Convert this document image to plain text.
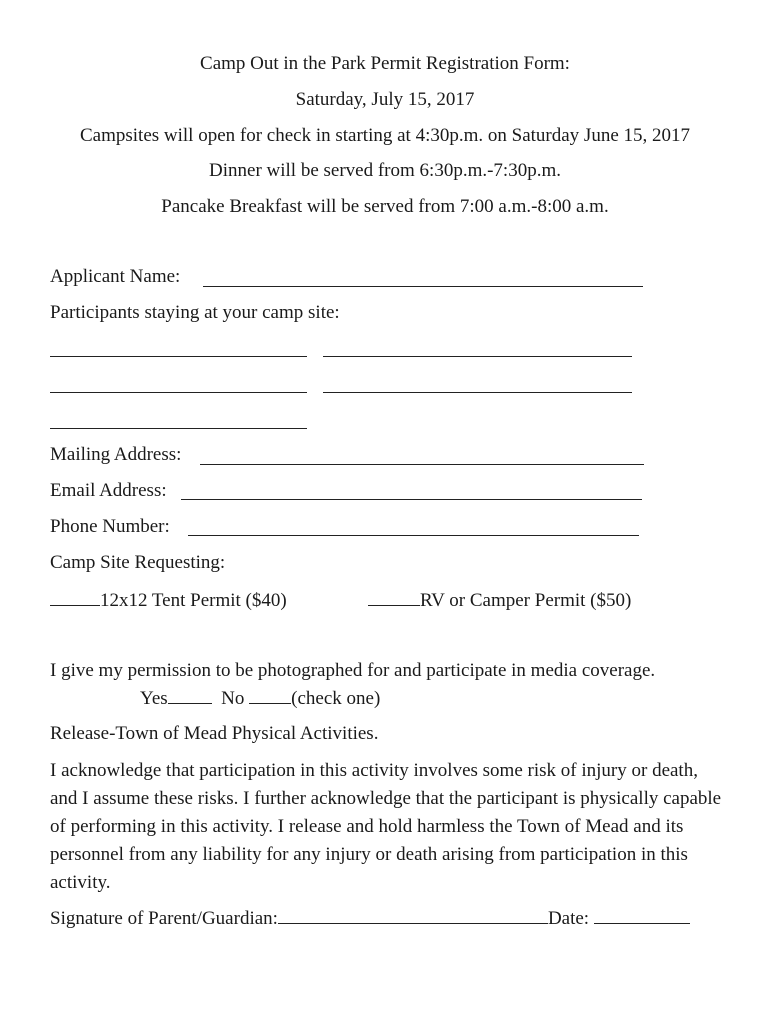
Camp Out in the Park Permit Registration Form:
Saturday, July 15, 2017
Campsites will open for check in starting at 4:30p.m. on Saturday June 15, 2017
Dinner will be served from 6:30p.m.-7:30p.m.
Pancake Breakfast will be served from 7:00 a.m.-8:00 a.m.
Applicant Name:
Participants staying at your camp site:
Mailing Address:
Email Address:
Phone Number:
Camp Site Requesting:
12x12 Tent Permit ($40)	RV or Camper Permit ($50)
I give my permission to be photographed for and participate in media coverage.
Yes	No (check one)
Release-Town of Mead Physical Activities.
I acknowledge that participation in this activity involves some risk of injury or death, and I assume these risks. I further acknowledge that the participant is physically capable of performing in this activity. I release and hold harmless the Town of Mead and its personnel from any liability for any injury or death arising from participation in this activity.
Signature of Parent/Guardian:	Date:
